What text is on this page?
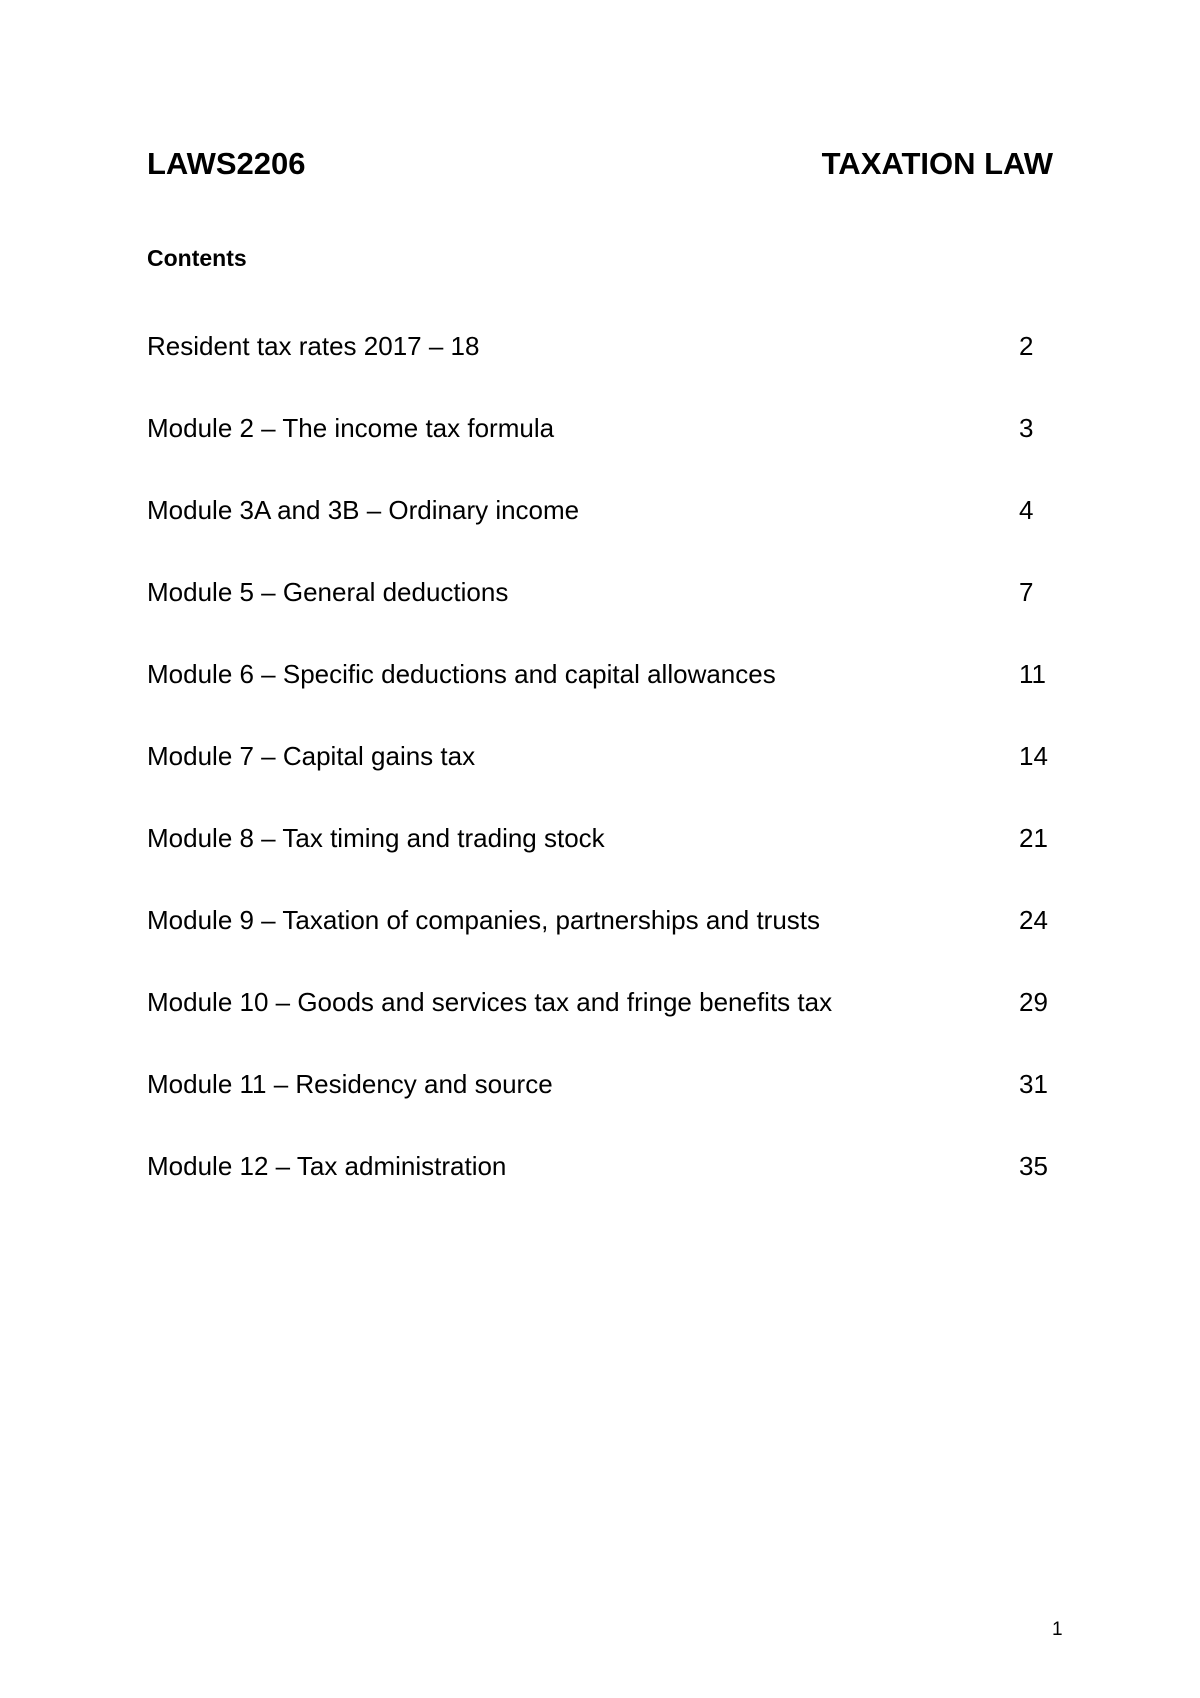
LAWS2206	TAXATION LAW
Contents
Resident tax rates 2017 – 18	2
Module 2 – The income tax formula	3
Module 3A and 3B – Ordinary income	4
Module 5 – General deductions	7
Module 6 – Specific deductions and capital allowances	11
Module 7 – Capital gains tax	14
Module 8 – Tax timing and trading stock	21
Module 9 – Taxation of companies, partnerships and trusts	24
Module 10 – Goods and services tax and fringe benefits tax	29
Module 11 – Residency and source	31
Module 12 – Tax administration	35
1
